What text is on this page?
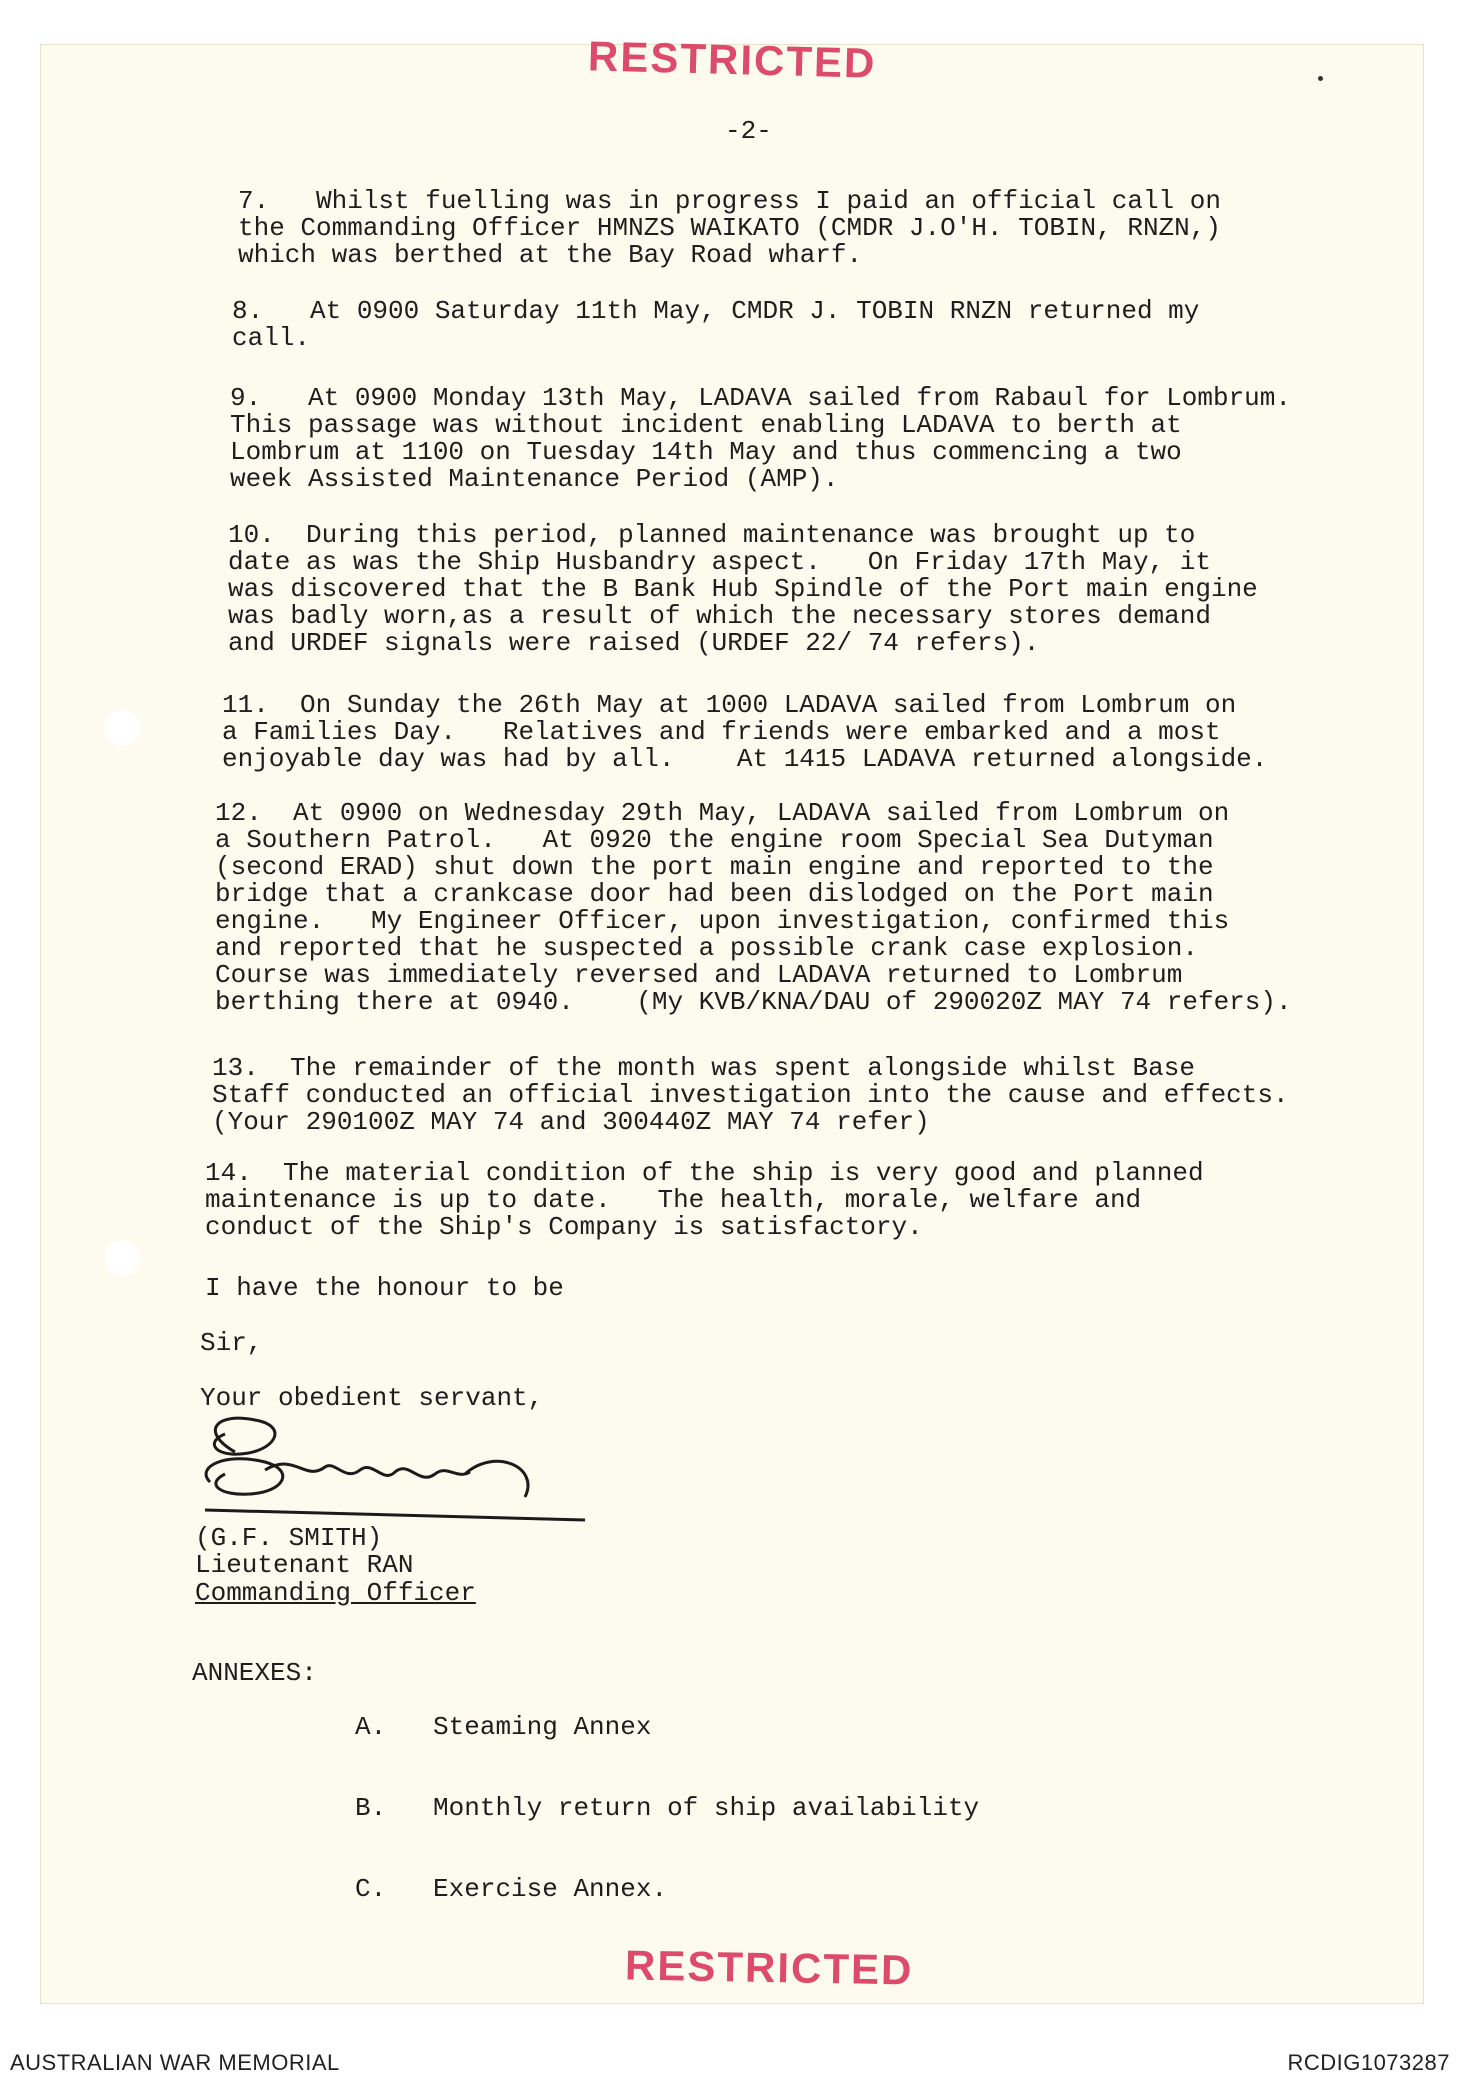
RESTRICTED
-2-
7.   Whilst fuelling was in progress I paid an official call on
the Commanding Officer HMNZS WAIKATO (CMDR J.O'H. TOBIN, RNZN,)
which was berthed at the Bay Road wharf.
8.   At 0900 Saturday 11th May, CMDR J. TOBIN RNZN returned my
call.
9.   At 0900 Monday 13th May, LADAVA sailed from Rabaul for Lombrum.
This passage was without incident enabling LADAVA to berth at
Lombrum at 1100 on Tuesday 14th May and thus commencing a two
week Assisted Maintenance Period (AMP).
10.  During this period, planned maintenance was brought up to
date as was the Ship Husbandry aspect.   On Friday 17th May, it
was discovered that the B Bank Hub Spindle of the Port main engine
was badly worn,as a result of which the necessary stores demand
and URDEF signals were raised (URDEF 22/ 74 refers).
11.  On Sunday the 26th May at 1000 LADAVA sailed from Lombrum on
a Families Day.   Relatives and friends were embarked and a most
enjoyable day was had by all.    At 1415 LADAVA returned alongside.
12.  At 0900 on Wednesday 29th May, LADAVA sailed from Lombrum on
a Southern Patrol.   At 0920 the engine room Special Sea Dutyman
(second ERAD) shut down the port main engine and reported to the
bridge that a crankcase door had been dislodged on the Port main
engine.   My Engineer Officer, upon investigation, confirmed this
and reported that he suspected a possible crank case explosion.
Course was immediately reversed and LADAVA returned to Lombrum
berthing there at 0940.    (My KVB/KNA/DAU of 290020Z MAY 74 refers).
13.  The remainder of the month was spent alongside whilst Base
Staff conducted an official investigation into the cause and effects.
(Your 290100Z MAY 74 and 300440Z MAY 74 refer)
14.  The material condition of the ship is very good and planned
maintenance is up to date.   The health, morale, welfare and
conduct of the Ship's Company is satisfactory.
I have the honour to be
Sir,
Your obedient servant,
(G.F. SMITH)
Lieutenant RAN
Commanding Officer
ANNEXES:

A. Steaming Annex

B. Monthly return of ship availability

C. Exercise Annex.

RESTRICTED
AUSTRALIAN WAR MEMORIAL	RCDIG1073287
